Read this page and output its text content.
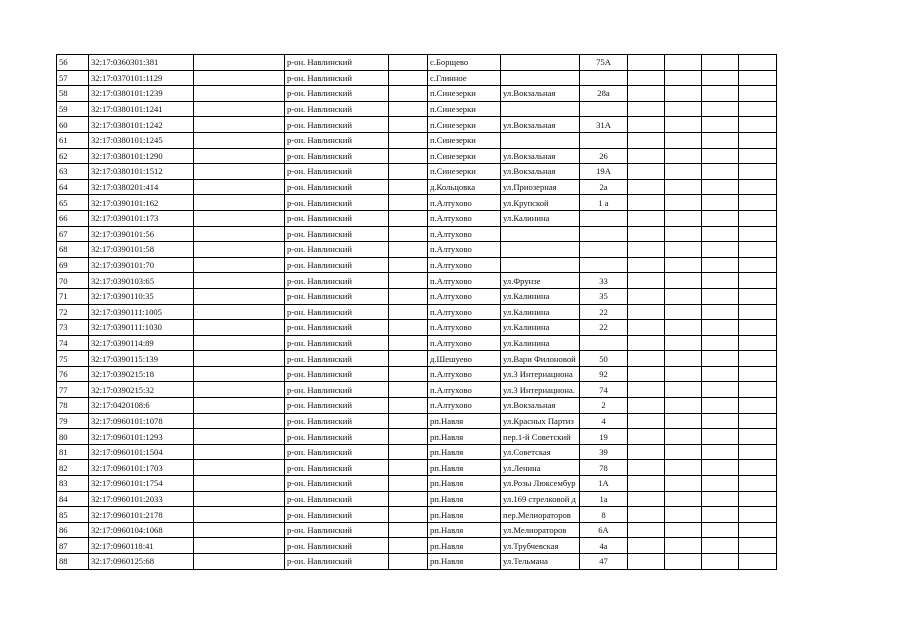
56	32:17:0360301:381		р-он. Навлинский		с.Борщево		75А				
57	32:17:0370101:1129		р-он. Навлинский		с.Глинное						
58	32:17:0380101:1239		р-он. Навлинский		п.Синезерки	ул.Вокзальная	28а				
59	32:17:0380101:1241		р-он. Навлинский		п.Синезерки						
60	32:17:0380101:1242		р-он. Навлинский		п.Синезерки	ул.Вокзальная	31А				
61	32:17:0380101:1245		р-он. Навлинский		п.Синезерки						
62	32:17:0380101:1290		р-он. Навлинский		п.Синезерки	ул.Вокзальная	26				
63	32:17:0380101:1512		р-он. Навлинский		п.Синезерки	ул.Вокзальная	19А				
64	32:17:0380201:414		р-он. Навлинский		д.Кольцовка	ул.Приозерная	2а				
65	32:17:0390101:162		р-он. Навлинский		п.Алтухово	ул.Крупской	1 а				
66	32:17:0390101:173		р-он. Навлинский		п.Алтухово	ул.Калинина					
67	32:17:0390101:56		р-он. Навлинский		п.Алтухово						
68	32:17:0390101:58		р-он. Навлинский		п.Алтухово						
69	32:17:0390101:70		р-он. Навлинский		п.Алтухово						
70	32:17:0390103:65		р-он. Навлинский		п.Алтухово	ул.Фрунзе	33				
71	32:17:0390110:35		р-он. Навлинский		п.Алтухово	ул.Калинина	35				
72	32:17:0390111:1005		р-он. Навлинский		п.Алтухово	ул.Калинина	22				
73	32:17:0390111:1030		р-он. Навлинский		п.Алтухово	ул.Калинина	22				
74	32:17:0390114:89		р-он. Навлинский		п.Алтухово	ул.Калинина					
75	32:17:0390115:139		р-он. Навлинский		д.Шешуево	ул.Вари Филоновой	50				
76	32:17:0390215:18		р-он. Навлинский		п.Алтухово	ул.3 Интернациона	92				
77	32:17:0390215:32		р-он. Навлинский		п.Алтухово	ул.3 Интернациона.	74				
78	32:17:0420108:6		р-он. Навлинский		п.Алтухово	ул.Вокзальная	2				
79	32:17:0960101:1078		р-он. Навлинский		рп.Навля	ул.Красных Партиз	4				
80	32:17:0960101:1293		р-он. Навлинский		рп.Навля	пер.1-й Советский	19				
81	32:17:0960101:1504		р-он. Навлинский		рп.Навля	ул.Советская	39				
82	32:17:0960101:1703		р-он. Навлинский		рп.Навля	ул.Ленина	78				
83	32:17:0960101:1754		р-он. Навлинский		рп.Навля	ул.Розы Люксембур	1А				
84	32:17:0960101:2033		р-он. Навлинский		рп.Навля	ул.169 стрелковой д	1а				
85	32:17:0960101:2178		р-он. Навлинский		рп.Навля	пер.Мелиораторов	8				
86	32:17:0960104:1068		р-он. Навлинский		рп.Навля	ул.Мелиораторов	6А				
87	32:17:0960118:41		р-он. Навлинский		рп.Навля	ул.Трубчевская	4а				
88	32:17:0960125:68		р-он. Навлинский		рп.Навля	ул.Тельмана	47				
